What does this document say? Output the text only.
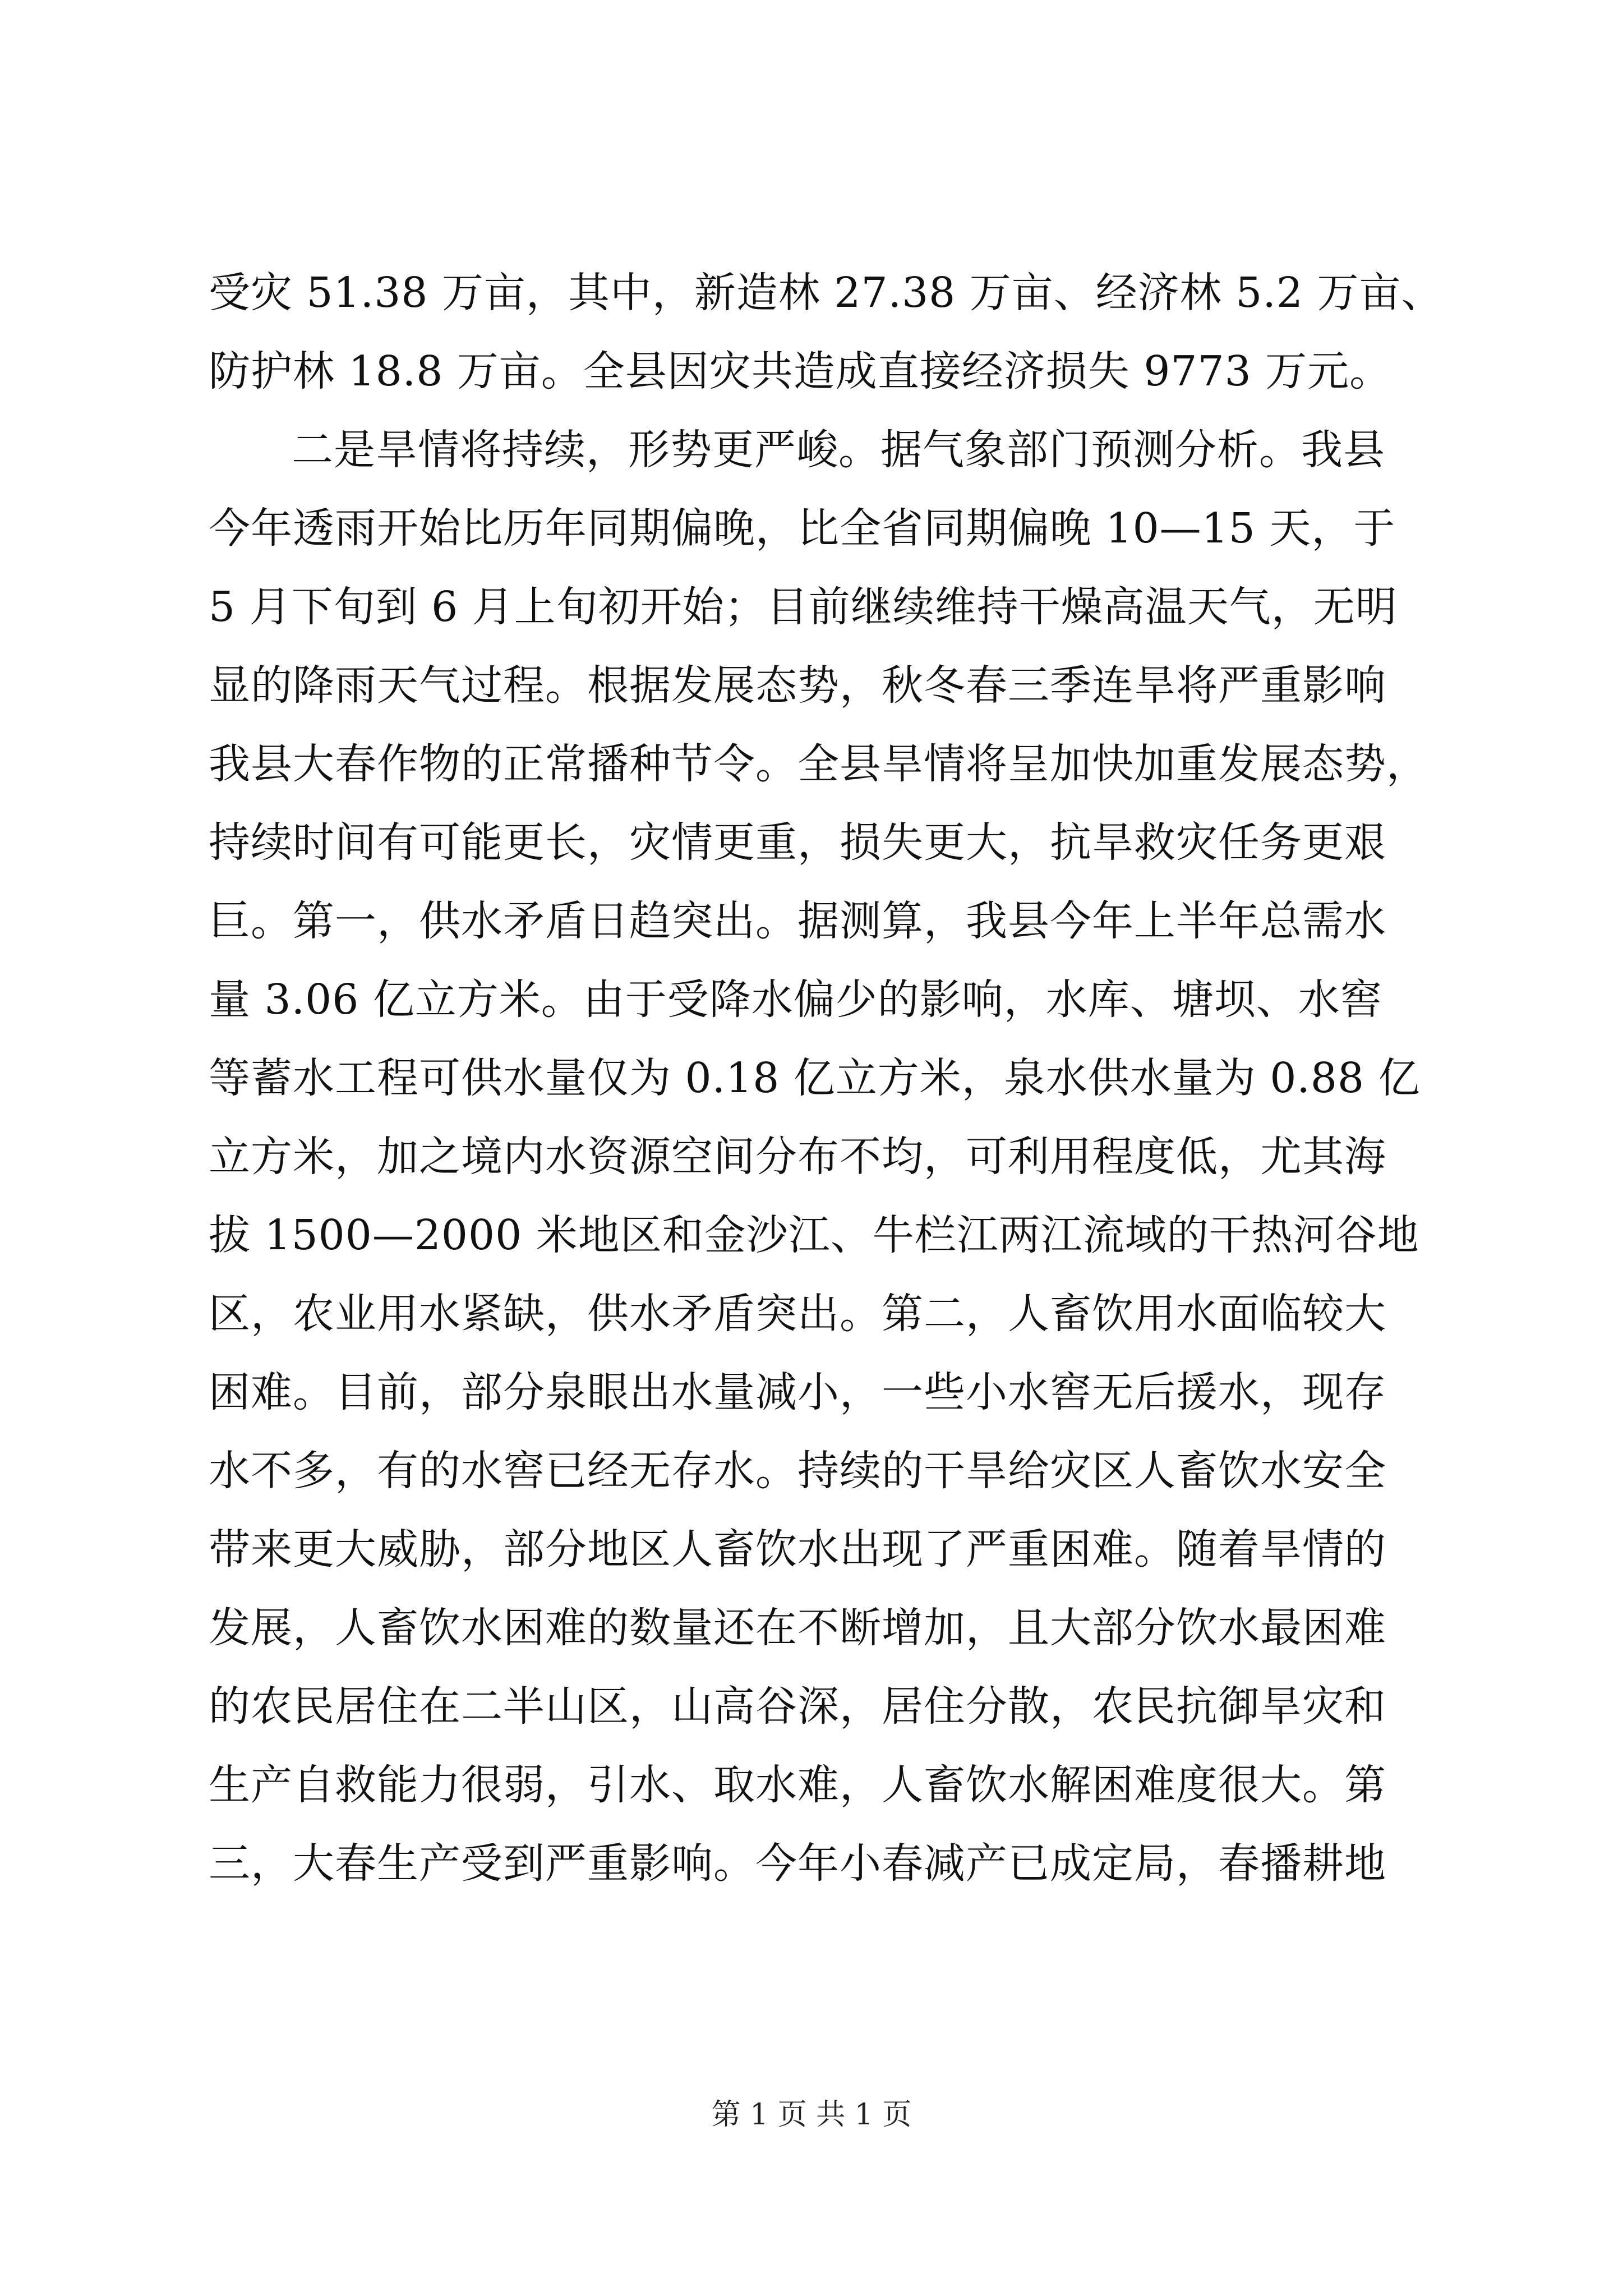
受灾 51.38 万亩，其中，新造林 27.38 万亩、经济林 5.2 万亩、
防护林 18.8 万亩。全县因灾共造成直接经济损失 9773 万元。
二是旱情将持续，形势更严峻。据气象部门预测分析。我县
今年透雨开始比历年同期偏晚，比全省同期偏晚 10—15 天，于
5 月下旬到 6 月上旬初开始；目前继续维持干燥高温天气，无明
显的降雨天气过程。根据发展态势，秋冬春三季连旱将严重影响
我县大春作物的正常播种节令。全县旱情将呈加快加重发展态势，
持续时间有可能更长，灾情更重，损失更大，抗旱救灾任务更艰
巨。第一，供水矛盾日趋突出。据测算，我县今年上半年总需水
量 3.06 亿立方米。由于受降水偏少的影响，水库、塘坝、水窖
等蓄水工程可供水量仅为 0.18 亿立方米，泉水供水量为 0.88 亿
立方米，加之境内水资源空间分布不均，可利用程度低，尤其海
拔 1500—2000 米地区和金沙江、牛栏江两江流域的干热河谷地
区，农业用水紧缺，供水矛盾突出。第二，人畜饮用水面临较大
困难。目前，部分泉眼出水量减小，一些小水窖无后援水，现存
水不多，有的水窖已经无存水。持续的干旱给灾区人畜饮水安全
带来更大威胁，部分地区人畜饮水出现了严重困难。随着旱情的
发展，人畜饮水困难的数量还在不断增加，且大部分饮水最困难
的农民居住在二半山区，山高谷深，居住分散，农民抗御旱灾和
生产自救能力很弱，引水、取水难，人畜饮水解困难度很大。第
三，大春生产受到严重影响。今年小春减产已成定局，春播耕地
第 1 页 共 1 页
